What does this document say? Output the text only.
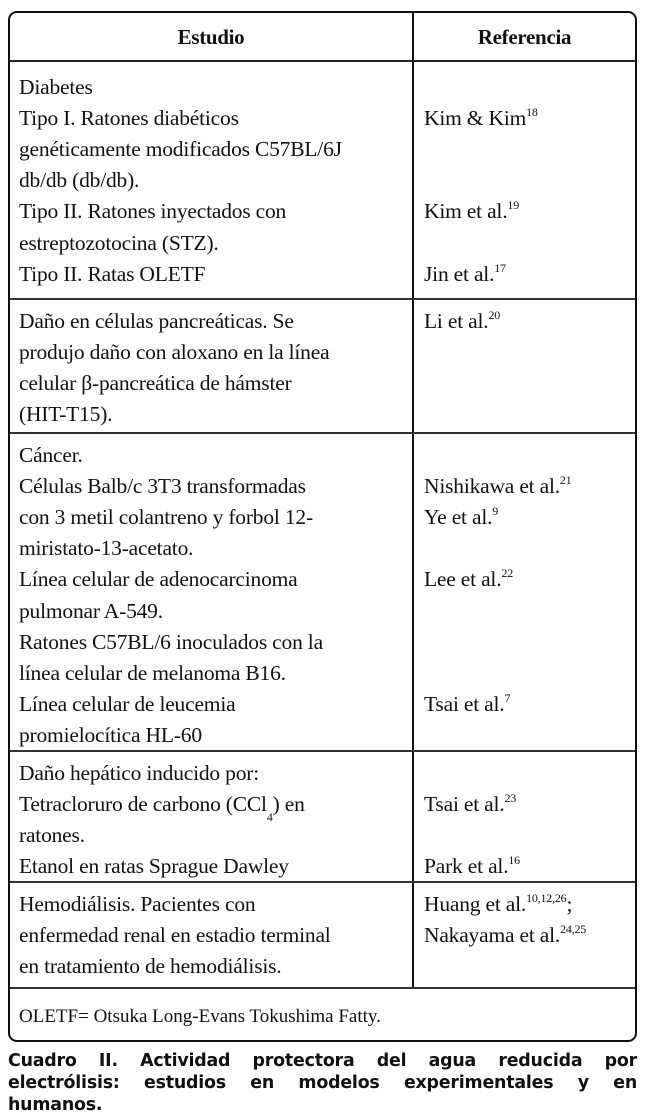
Estudio	Referencia
OLETF= Otsuka Long-Evans Tokushima Fatty.
Diabetes
Tipo I. Ratones diabéticos	Kim & Kim$^{18}$
genéticamente modificados C57BL/6J
db/db (db/db).
Tipo II. Ratones inyectados con	Kim et al.$^{19}$
estreptozotocina (STZ).
Tipo II. Ratas OLETF	Jin et al.$^{17}$
Daño en células pancreáticas. Se	Li et al.$^{20}$
produjo daño con aloxano en la línea
celular β-pancreática de hámster
(HIT-T15).
Cáncer.
Células Balb/c 3T3 transformadas	Nishikawa et al.$^{21}$
con 3 metil colantreno y forbol 12-	Ye et al.$^9$
miristato-13-acetato.
Línea celular de adenocarcinoma	Lee et al.$^{22}$
pulmonar A-549.
Ratones C57BL/6 inoculados con la
línea celular de melanoma B16.
Línea celular de leucemia	Tsai et al.$^7$
promielocítica HL-60
Daño hepático inducido por:
Tetracloruro de carbono (CCl$_4$) en	Tsai et al.$^{23}$
ratones.
Etanol en ratas Sprague Dawley	Park et al.$^{16}$
Hemodiálisis. Pacientes con	Huang et al.$^{10,12,26}$;
enfermedad renal en estadio terminal	Nakayama et al.$^{24,25}$
en tratamiento de hemodiálisis.
Cuadro II. Actividad protectora del agua reducida por
electrólisis: estudios en modelos experimentales y en humanos.
